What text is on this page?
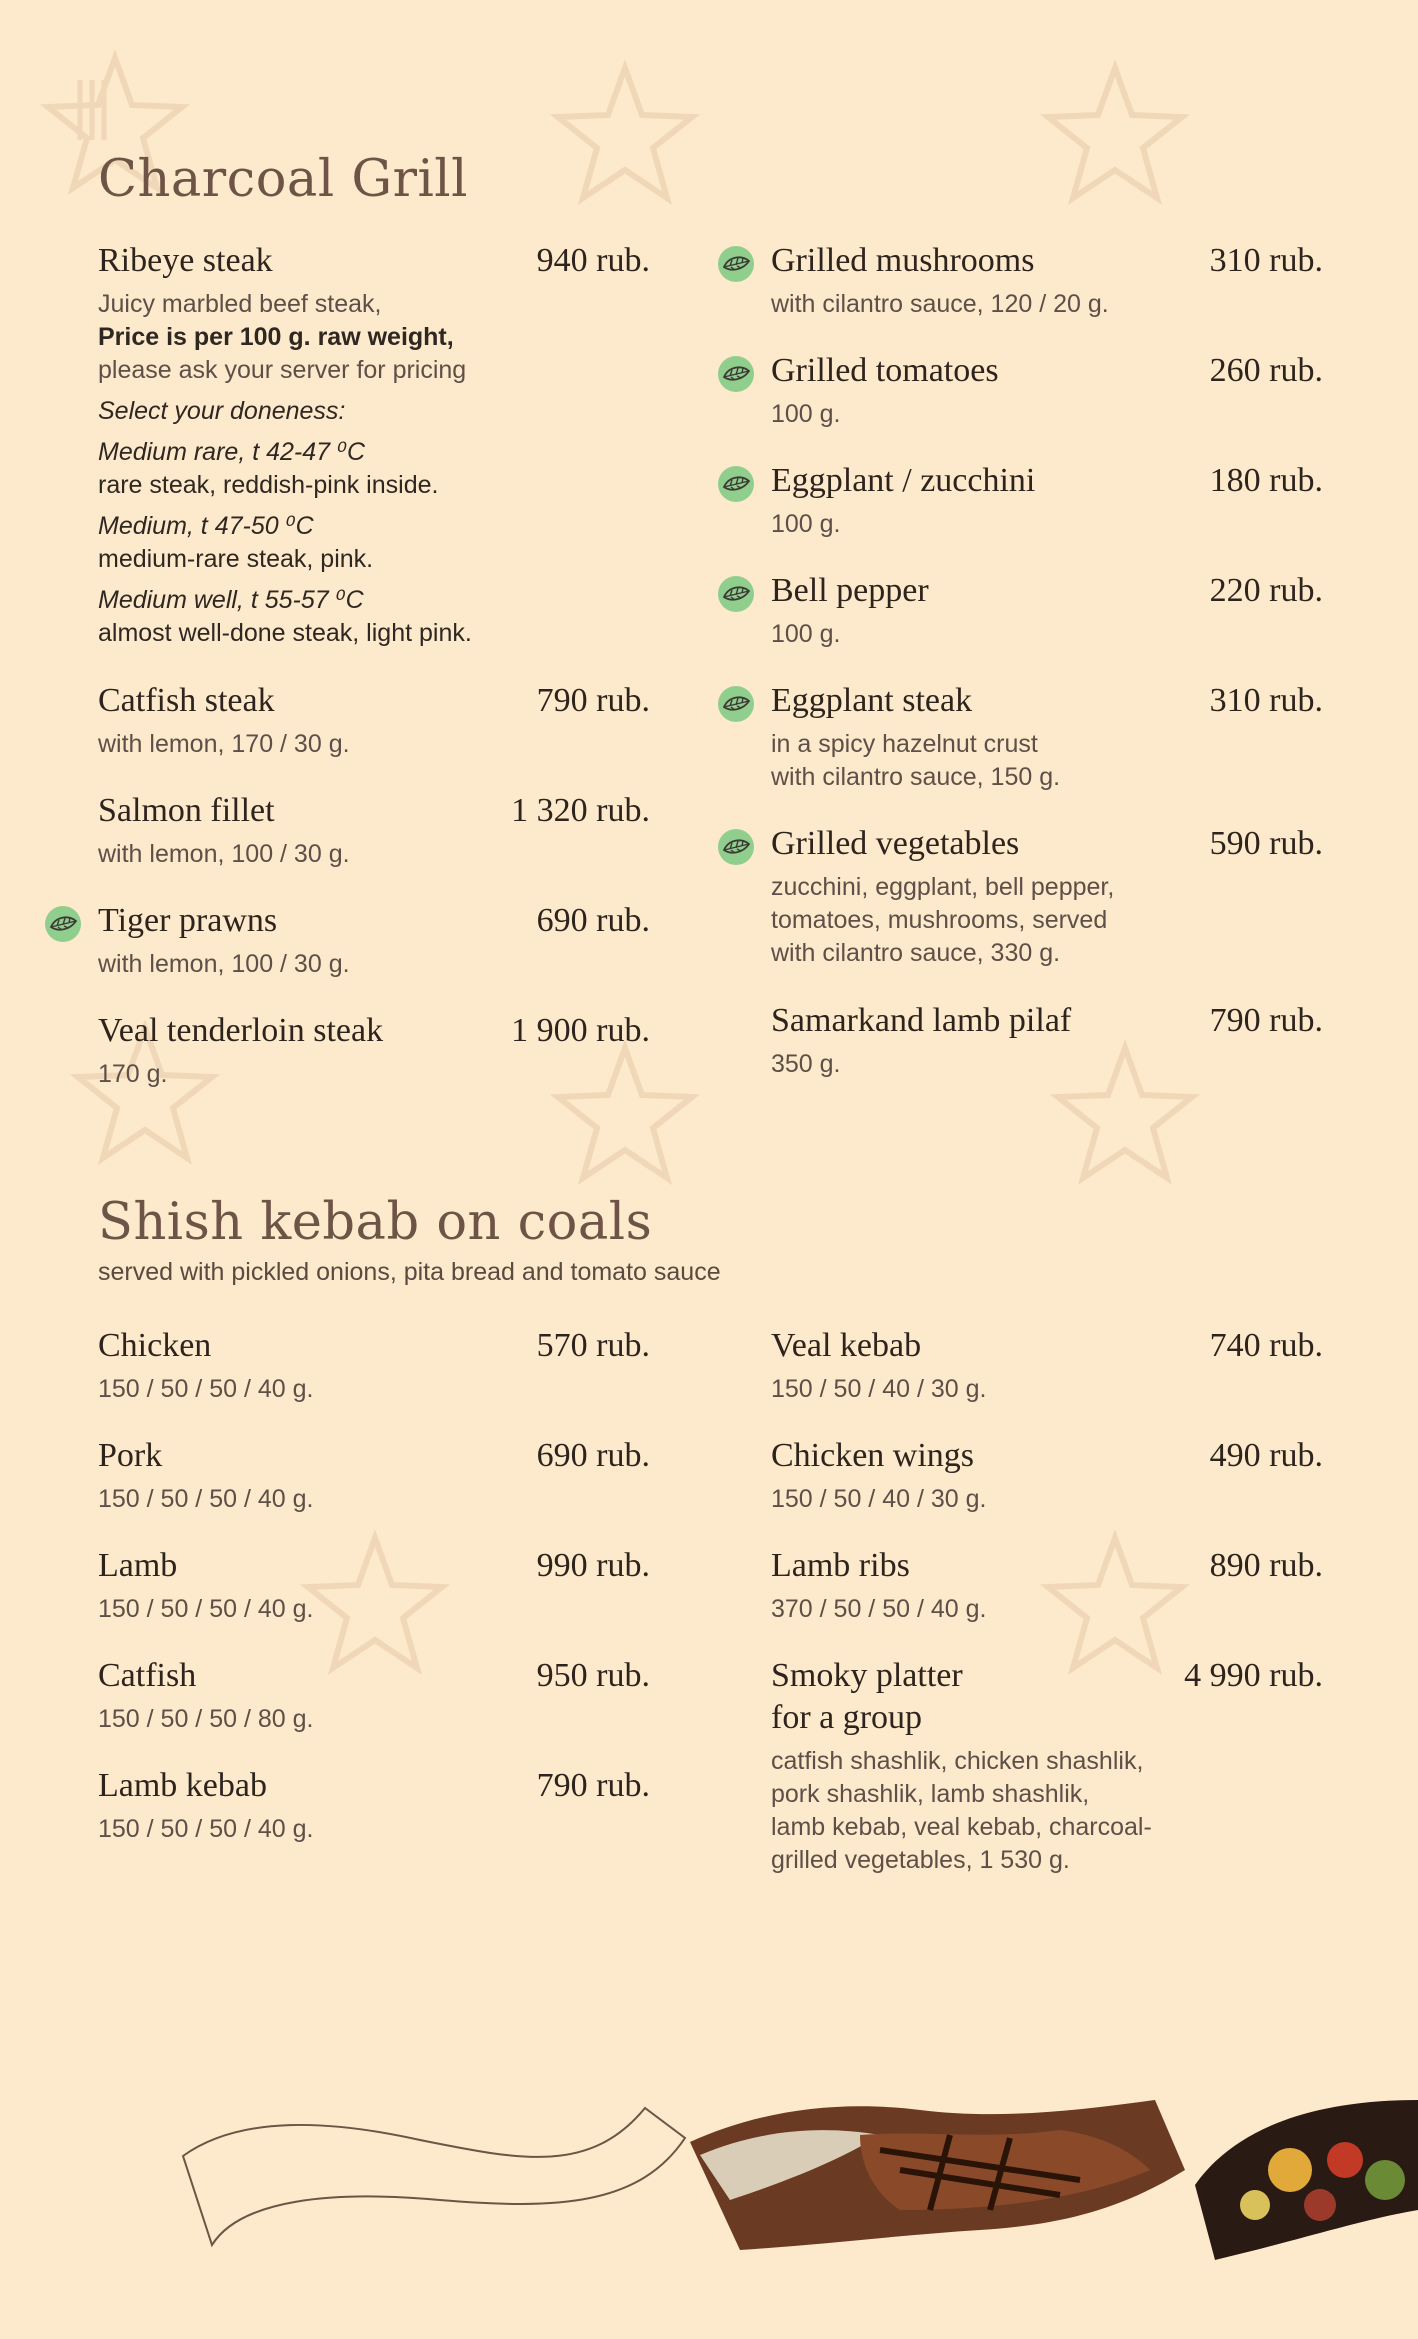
Charcoal Grill
Ribeye steak	940 rub.
Juicy marbled beef steak,
Price is per 100 g. raw weight,
please ask your server for pricing
Select your doneness:
Medium rare, t 42-47 ⁰C
rare steak, reddish-pink inside.
Medium, t 47-50 ⁰C
medium-rare steak, pink.
Medium well, t 55-57 ⁰C
almost well-done steak, light pink.
Catfish steak	790 rub.
with lemon, 170 / 30 g.
Salmon fillet	1 320 rub.
with lemon, 100 / 30 g.
Tiger prawns	690 rub.
with lemon, 100 / 30 g.
Veal tenderloin steak	1 900 rub.
170 g.
Grilled mushrooms	310 rub.
with cilantro sauce, 120 / 20 g.
Grilled tomatoes	260 rub.
100 g.
Eggplant / zucchini	180 rub.
100 g.
Bell pepper	220 rub.
100 g.
Eggplant steak	310 rub.
in a spicy hazelnut crust
with cilantro sauce, 150 g.
Grilled vegetables	590 rub.
zucchini, eggplant, bell pepper,
tomatoes, mushrooms, served
with cilantro sauce, 330 g.
Samarkand lamb pilaf	790 rub.
350 g.
Shish kebab on coals

served with pickled onions, pita bread and tomato sauce

Chicken	570 rub.
150 / 50 / 50 / 40 g.
Pork	690 rub.
150 / 50 / 50 / 40 g.
Lamb	990 rub.
150 / 50 / 50 / 40 g.
Catfish	950 rub.
150 / 50 / 50 / 80 g.
Lamb kebab	790 rub.
150 / 50 / 50 / 40 g.
Veal kebab	740 rub.
150 / 50 / 40 / 30 g.
Chicken wings	490 rub.
150 / 50 / 40 / 30 g.
Lamb ribs	890 rub.
370 / 50 / 50 / 40 g.
Smoky platter
for a group
4 990 rub.
catfish shashlik, chicken shashlik,
pork shashlik, lamb shashlik,
lamb kebab, veal kebab, charcoal-
grilled vegetables, 1 530 g.
